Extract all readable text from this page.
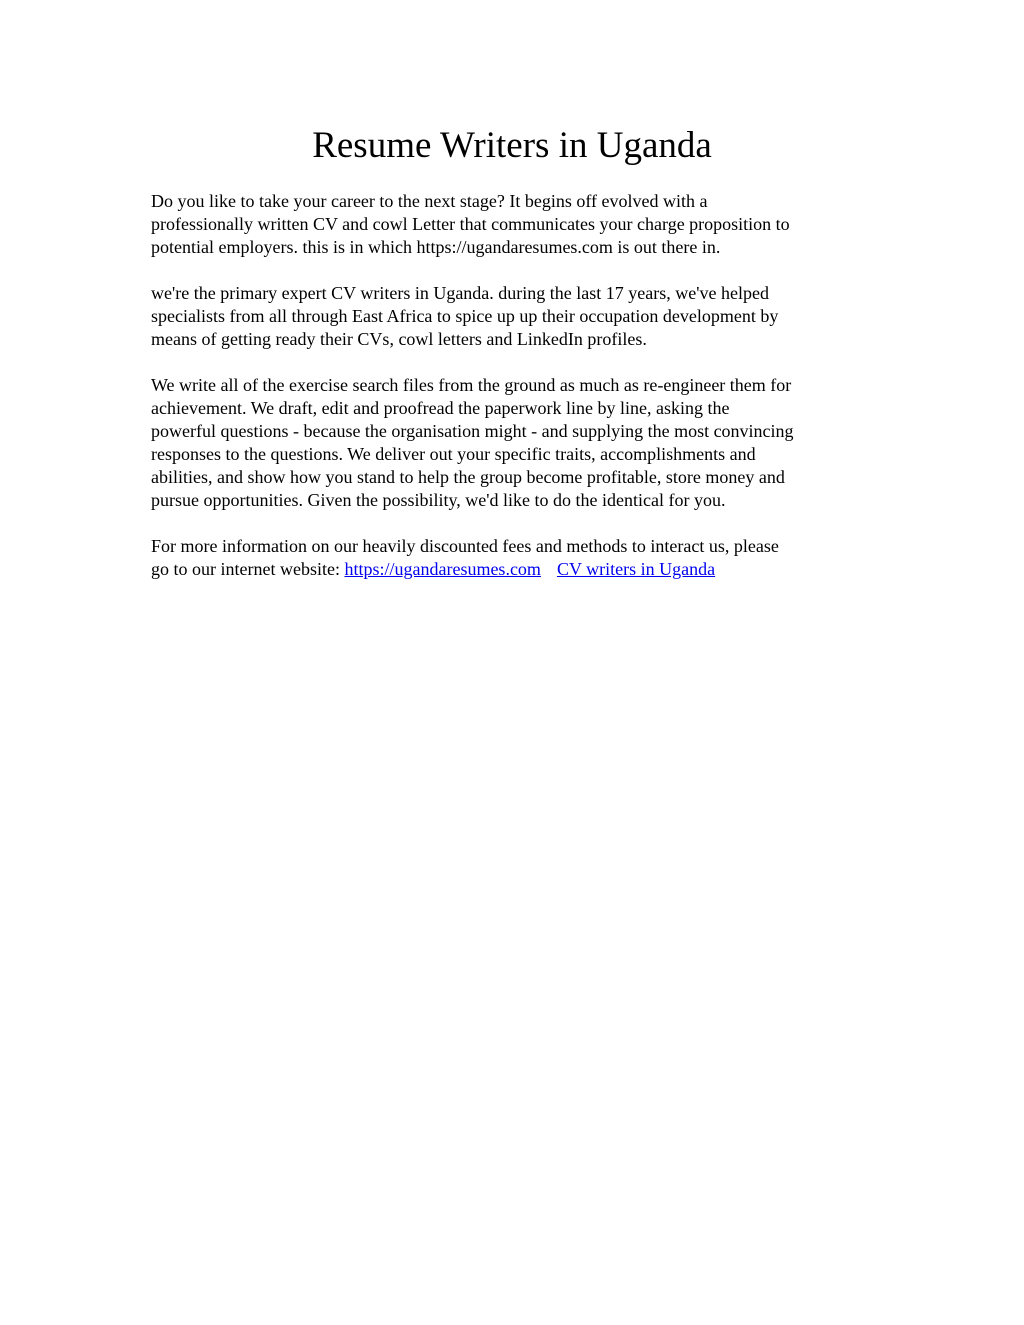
Resume Writers in Uganda

Do you like to take your career to the next stage? It begins off evolved with a
professionally written CV and cowl Letter that communicates your charge proposition to
potential employers. this is in which https://ugandaresumes.com is out there in.

we're the primary expert CV writers in Uganda. during the last 17 years, we've helped
specialists from all through East Africa to spice up up their occupation development by
means of getting ready their CVs, cowl letters and LinkedIn profiles.

We write all of the exercise search files from the ground as much as re-engineer them for
achievement. We draft, edit and proofread the paperwork line by line, asking the
powerful questions - because the organisation might - and supplying the most convincing
responses to the questions. We deliver out your specific traits, accomplishments and
abilities, and show how you stand to help the group become profitable, store money and
pursue opportunities. Given the possibility, we'd like to do the identical for you.

For more information on our heavily discounted fees and methods to interact us, please
go to our internet website: https://ugandaresumes.com CV writers in Uganda
